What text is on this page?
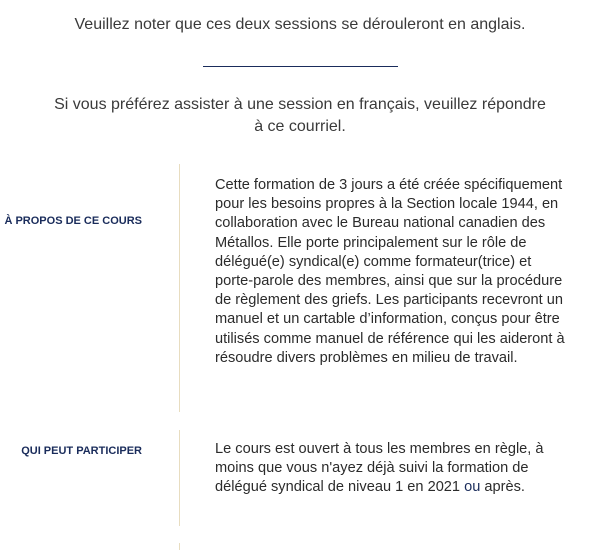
Veuillez noter que ces deux sessions se dérouleront en anglais.
Si vous préférez assister à une session en français, veuillez répondre à ce courriel.
À PROPOS DE CE COURS
Cette formation de 3 jours a été créée spécifiquement pour les besoins propres à la Section locale 1944, en collaboration avec le Bureau national canadien des Métallos. Elle porte principalement sur le rôle de délégué(e) syndical(e) comme formateur(trice) et porte-parole des membres, ainsi que sur la procédure de règlement des griefs. Les participants recevront un manuel et un cartable d’information, conçus pour être utilisés comme manuel de référence qui les aideront à résoudre divers problèmes en milieu de travail.
QUI PEUT PARTICIPER	Le cours est ouvert à tous les membres en règle, à moins que vous n'ayez déjà suivi la formation de délégué syndical de niveau 1 en 2021 ou après.
